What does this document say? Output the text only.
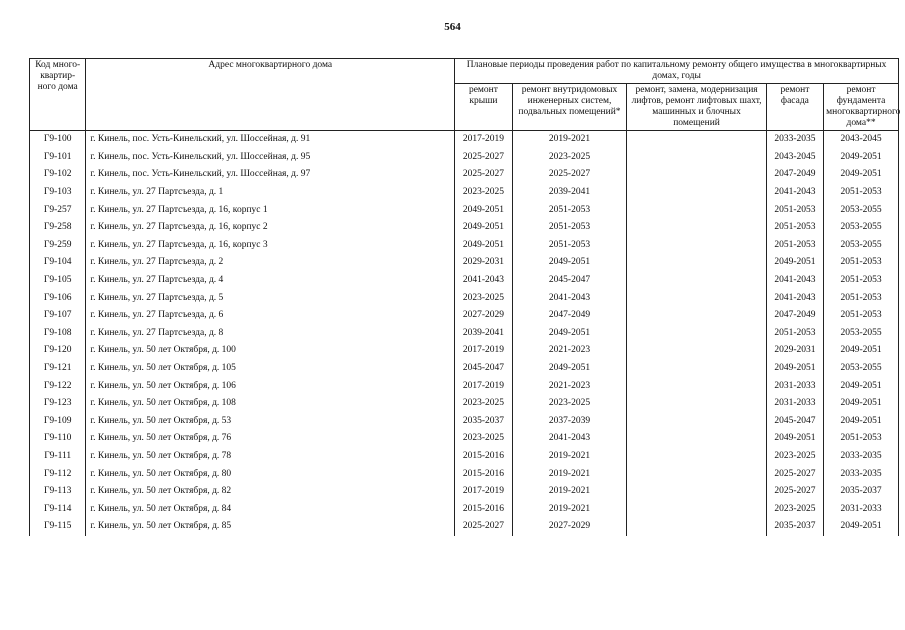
564
Код много-квартир-ного дома	Адрес многоквартирного дома	Плановые периоды проведения работ по капитальному ремонту общего имущества в многоквартирных домах, годы				
		ремонт крыши	ремонт внутридомовых инженерных систем, подвальных помещений*	ремонт, замена, модернизация лифтов, ремонт лифтовых шахт, машинных и блочных помещений	ремонт фасада	ремонт фундамента многоквартирного дома**
Г9-100	г. Кинель, пос. Усть-Кинельский, ул. Шоссейная, д. 91	2017-2019	2019-2021		2033-2035	2043-2045
Г9-101	г. Кинель, пос. Усть-Кинельский, ул. Шоссейная, д. 95	2025-2027	2023-2025		2043-2045	2049-2051
Г9-102	г. Кинель, пос. Усть-Кинельский, ул. Шоссейная, д. 97	2025-2027	2025-2027		2047-2049	2049-2051
Г9-103	г. Кинель, ул. 27 Партсъезда, д. 1	2023-2025	2039-2041		2041-2043	2051-2053
Г9-257	г. Кинель, ул. 27 Партсъезда, д. 16, корпус 1	2049-2051	2051-2053		2051-2053	2053-2055
Г9-258	г. Кинель, ул. 27 Партсъезда, д. 16, корпус 2	2049-2051	2051-2053		2051-2053	2053-2055
Г9-259	г. Кинель, ул. 27 Партсъезда, д. 16, корпус 3	2049-2051	2051-2053		2051-2053	2053-2055
Г9-104	г. Кинель, ул. 27 Партсъезда, д. 2	2029-2031	2049-2051		2049-2051	2051-2053
Г9-105	г. Кинель, ул. 27 Партсъезда, д. 4	2041-2043	2045-2047		2041-2043	2051-2053
Г9-106	г. Кинель, ул. 27 Партсъезда, д. 5	2023-2025	2041-2043		2041-2043	2051-2053
Г9-107	г. Кинель, ул. 27 Партсъезда, д. 6	2027-2029	2047-2049		2047-2049	2051-2053
Г9-108	г. Кинель, ул. 27 Партсъезда, д. 8	2039-2041	2049-2051		2051-2053	2053-2055
Г9-120	г. Кинель, ул. 50 лет Октября, д. 100	2017-2019	2021-2023		2029-2031	2049-2051
Г9-121	г. Кинель, ул. 50 лет Октября, д. 105	2045-2047	2049-2051		2049-2051	2053-2055
Г9-122	г. Кинель, ул. 50 лет Октября, д. 106	2017-2019	2021-2023		2031-2033	2049-2051
Г9-123	г. Кинель, ул. 50 лет Октября, д. 108	2023-2025	2023-2025		2031-2033	2049-2051
Г9-109	г. Кинель, ул. 50 лет Октября, д. 53	2035-2037	2037-2039		2045-2047	2049-2051
Г9-110	г. Кинель, ул. 50 лет Октября, д. 76	2023-2025	2041-2043		2049-2051	2051-2053
Г9-111	г. Кинель, ул. 50 лет Октября, д. 78	2015-2016	2019-2021		2023-2025	2033-2035
Г9-112	г. Кинель, ул. 50 лет Октября, д. 80	2015-2016	2019-2021		2025-2027	2033-2035
Г9-113	г. Кинель, ул. 50 лет Октября, д. 82	2017-2019	2019-2021		2025-2027	2035-2037
Г9-114	г. Кинель, ул. 50 лет Октября, д. 84	2015-2016	2019-2021		2023-2025	2031-2033
Г9-115	г. Кинель, ул. 50 лет Октября, д. 85	2025-2027	2027-2029		2035-2037	2049-2051
